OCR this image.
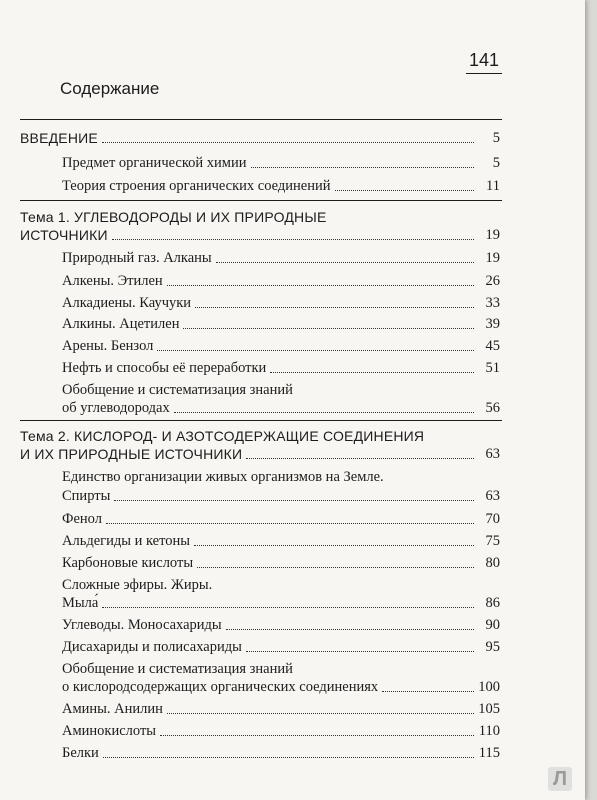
141
Содержание
ВВЕДЕНИЕ	5
Предмет органической химии	5
Теория строения органических соединений	11
Тема 1. УГЛЕВОДОРОДЫ И ИХ ПРИРОДНЫЕ
ИСТОЧНИКИ	19
Природный газ. Алканы	19
Алкены. Этилен	26
Алкадиены. Каучуки	33
Алкины. Ацетилен	39
Арены. Бензол	45
Нефть и способы её переработки	51
Обобщение и систематизация знаний
об углеводородах	56
Тема 2. КИСЛОРОД- И АЗОТСОДЕРЖАЩИЕ СОЕДИНЕНИЯ
И ИХ ПРИРОДНЫЕ ИСТОЧНИКИ	63
Единство организации живых организмов на Земле.
Спирты	63
Фенол	70
Альдегиды и кетоны	75
Карбоновые кислоты	80
Сложные эфиры. Жиры.
Мыла́	86
Углеводы. Моносахариды	90
Дисахариды и полисахариды	95
Обобщение и систематизация знаний
о кислородсодержащих органических соединениях	100
Амины. Анилин	105
Аминокислоты	110
Белки	115
Л
